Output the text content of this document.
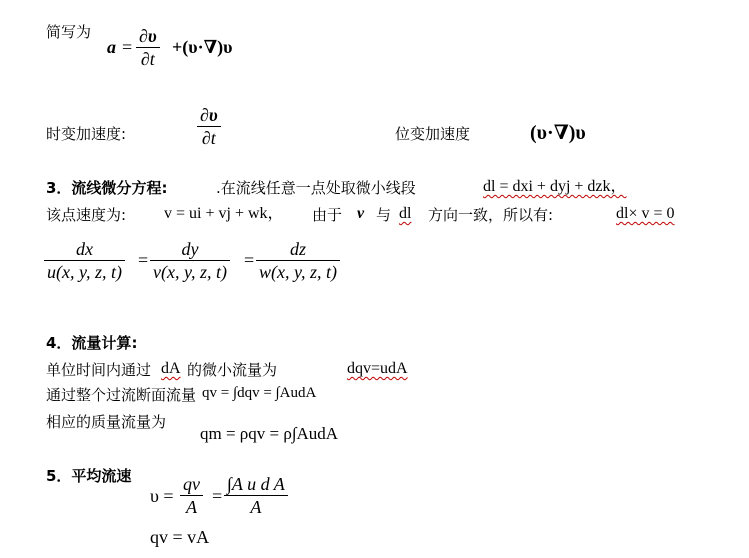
简写为
a =
∂υ
∂t
+(υ·∇)υ
时变加速度:
∂υ
∂t	位变加速度	(υ·∇)υ
3．流线微分方程:	.在流线任意一点处取微小线段	dl = dxi + dyj + dzk，
该点速度为: v = ui + vj + wk， 由于 v 与 dl 方向一致，所以有:	dl× v = 0
dx
u(x, y, z, t)
=
dy
v(x, y, z, t)
=
dz
w(x, y, z, t)
4．流量计算:
单位时间内通过 dA 的微小流量为	dqv=udA
通过整个过流断面流量 qv = ∫dqv = ∫AudA
相应的质量流量为
qm = ρqv = ρ∫AudA
5．平均流速
υ =
qv
A
=
∫A u d A
A
qv = vA
